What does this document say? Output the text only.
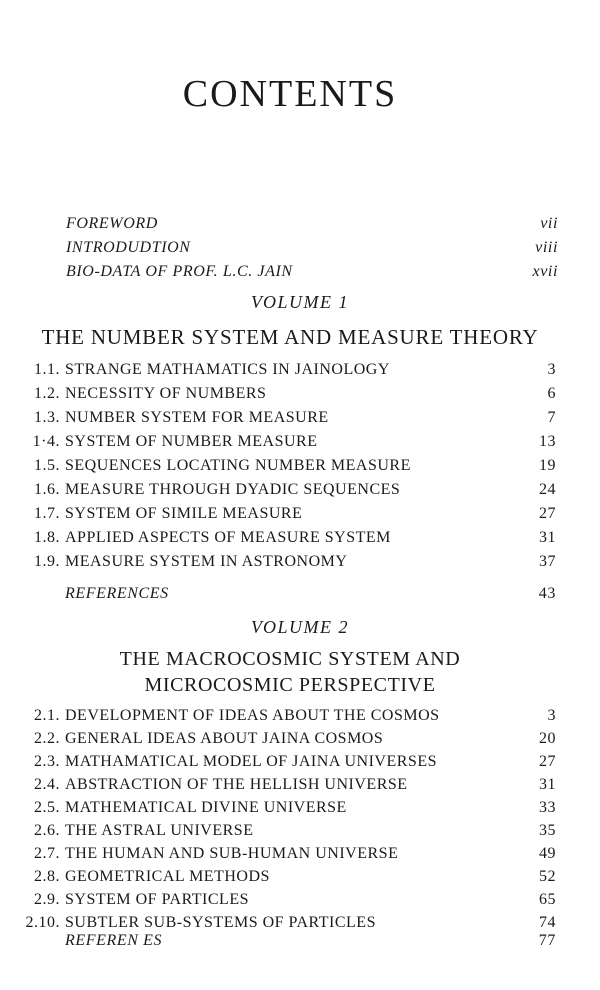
CONTENTS
FOREWORD	vii
INTRODUDTION	viii
BIO-DATA OF PROF. L.C. JAIN	xvii
VOLUME 1
THE NUMBER SYSTEM AND MEASURE THEORY
1.1. STRANGE MATHAMATICS IN JAINOLOGY	3
1.2. NECESSITY OF NUMBERS	6
1.3. NUMBER SYSTEM FOR MEASURE	7
1·4. SYSTEM OF NUMBER MEASURE	13
1.5. SEQUENCES LOCATING NUMBER MEASURE	19
1.6. MEASURE THROUGH DYADIC SEQUENCES	24
1.7. SYSTEM OF SIMILE MEASURE	27
1.8. APPLIED ASPECTS OF MEASURE SYSTEM	31
1.9. MEASURE SYSTEM IN ASTRONOMY	37
REFERENCES	43
VOLUME 2
THE MACROCOSMIC SYSTEM AND
MICROCOSMIC PERSPECTIVE
2.1. DEVELOPMENT OF IDEAS ABOUT THE COSMOS	3
2.2. GENERAL IDEAS ABOUT JAINA COSMOS	20
2.3. MATHAMATICAL MODEL OF JAINA UNIVERSES	27
2.4. ABSTRACTION OF THE HELLISH UNIVERSE	31
2.5. MATHEMATICAL DIVINE UNIVERSE	33
2.6. THE ASTRAL UNIVERSE	35
2.7. THE HUMAN AND SUB-HUMAN UNIVERSE	49
2.8. GEOMETRICAL METHODS	52
2.9. SYSTEM OF PARTICLES	65
2.10. SUBTLER SUB-SYSTEMS OF PARTICLES	74
REFEREN ES	77
